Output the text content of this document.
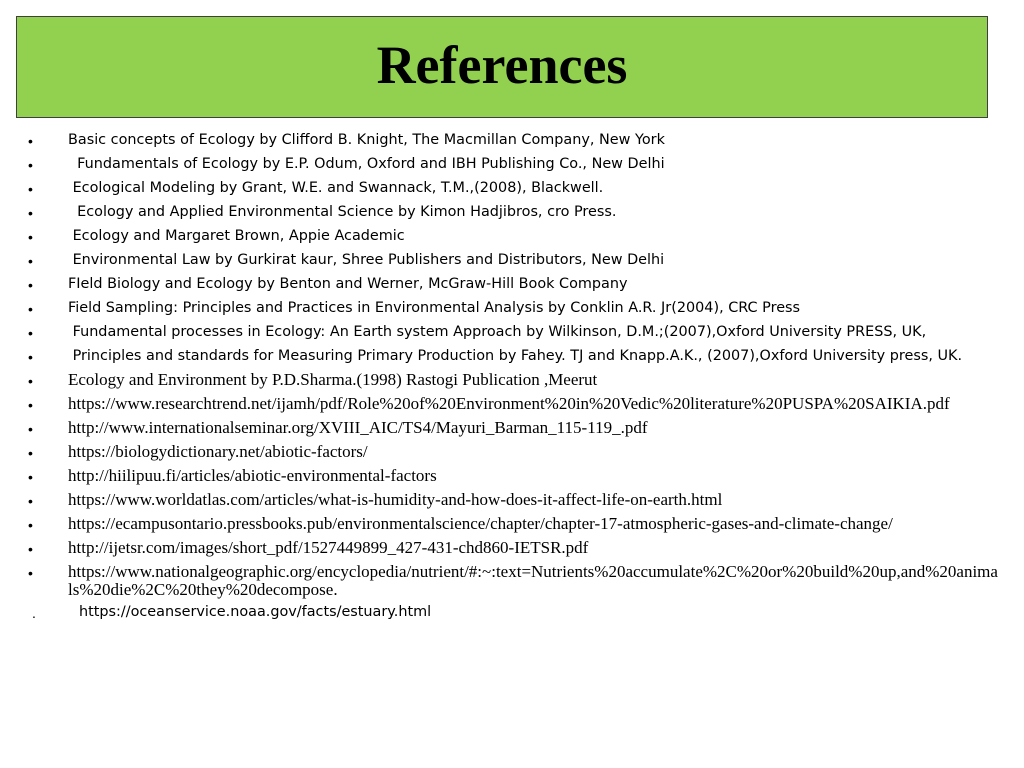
References
•	Basic concepts of Ecology by Clifford B. Knight, The Macmillan Company, New York
•	Fundamentals of Ecology by E.P. Odum, Oxford and IBH Publishing Co., New Delhi
•	Ecological Modeling by Grant, W.E. and Swannack, T.M.,(2008), Blackwell.
•	Ecology and Applied Environmental Science by Kimon Hadjibros, cro Press.
•	Ecology and Margaret Brown, Appie Academic
•	Environmental Law by Gurkirat kaur, Shree Publishers and Distributors, New Delhi
•	FIeld Biology and Ecology by Benton and Werner, McGraw-Hill Book Company
•	Field Sampling: Principles and Practices in Environmental Analysis by Conklin A.R. Jr(2004), CRC Press
•	Fundamental processes in Ecology: An Earth system Approach by Wilkinson, D.M.;(2007),Oxford University PRESS, UK,
•	Principles and standards for Measuring Primary Production by Fahey. TJ and Knapp.A.K., (2007),Oxford University press, UK.
•	Ecology and Environment by P.D.Sharma.(1998) Rastogi Publication ,Meerut
•	https://www.researchtrend.net/ijamh/pdf/Role%20of%20Environment%20in%20Vedic%20literature%20PUSPA%20SAIKIA.pdf
•	http://www.internationalseminar.org/XVIII_AIC/TS4/Mayuri_Barman_115-119_.pdf
•	https://biologydictionary.net/abiotic-factors/
•	http://hiilipuu.fi/articles/abiotic-environmental-factors
•	https://www.worldatlas.com/articles/what-is-humidity-and-how-does-it-affect-life-on-earth.html
•	https://ecampusontario.pressbooks.pub/environmentalscience/chapter/chapter-17-atmospheric-gases-and-climate-change/
•	http://ijetsr.com/images/short_pdf/1527449899_427-431-chd860-IETSR.pdf
•	https://www.nationalgeographic.org/encyclopedia/nutrient/#:~:text=Nutrients%20accumulate%2C%20or%20build%20up,and%20animals%20die%2C%20they%20decompose.
.	https://oceanservice.noaa.gov/facts/estuary.html
